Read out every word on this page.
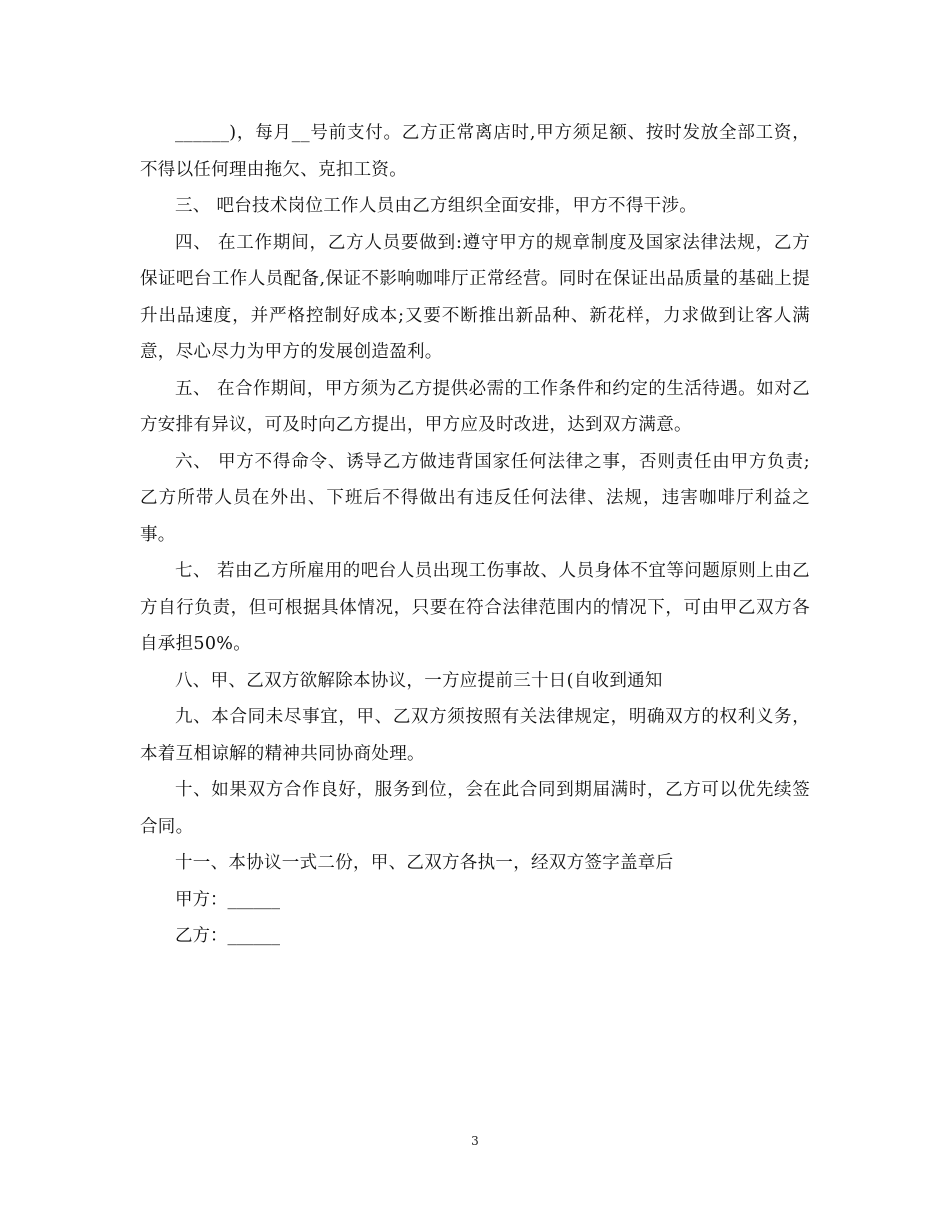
______)，每月__号前支付。乙方正常离店时,甲方须足额、按时发放全部工资，不得以任何理由拖欠、克扣工资。

三、 吧台技术岗位工作人员由乙方组织全面安排，甲方不得干涉。

四、 在工作期间，乙方人员要做到:遵守甲方的规章制度及国家法律法规，乙方保证吧台工作人员配备,保证不影响咖啡厅正常经营。同时在保证出品质量的基础上提升出品速度，并严格控制好成本;又要不断推出新品种、新花样，力求做到让客人满意，尽心尽力为甲方的发展创造盈利。

五、 在合作期间，甲方须为乙方提供必需的工作条件和约定的生活待遇。如对乙方安排有异议，可及时向乙方提出，甲方应及时改进，达到双方满意。

六、 甲方不得命令、诱导乙方做违背国家任何法律之事，否则责任由甲方负责;乙方所带人员在外出、下班后不得做出有违反任何法律、法规，违害咖啡厅利益之事。

七、 若由乙方所雇用的吧台人员出现工伤事故、人员身体不宜等问题原则上由乙方自行负责，但可根据具体情况，只要在符合法律范围内的情况下，可由甲乙双方各自承担50%。

八、甲、乙双方欲解除本协议，一方应提前三十日(自收到通知

九、本合同未尽事宜，甲、乙双方须按照有关法律规定，明确双方的权利义务，本着互相谅解的精神共同协商处理。

十、如果双方合作良好，服务到位，会在此合同到期届满时，乙方可以优先续签合同。

十一、本协议一式二份，甲、乙双方各执一，经双方签字盖章后

甲方：______

乙方：______

3
